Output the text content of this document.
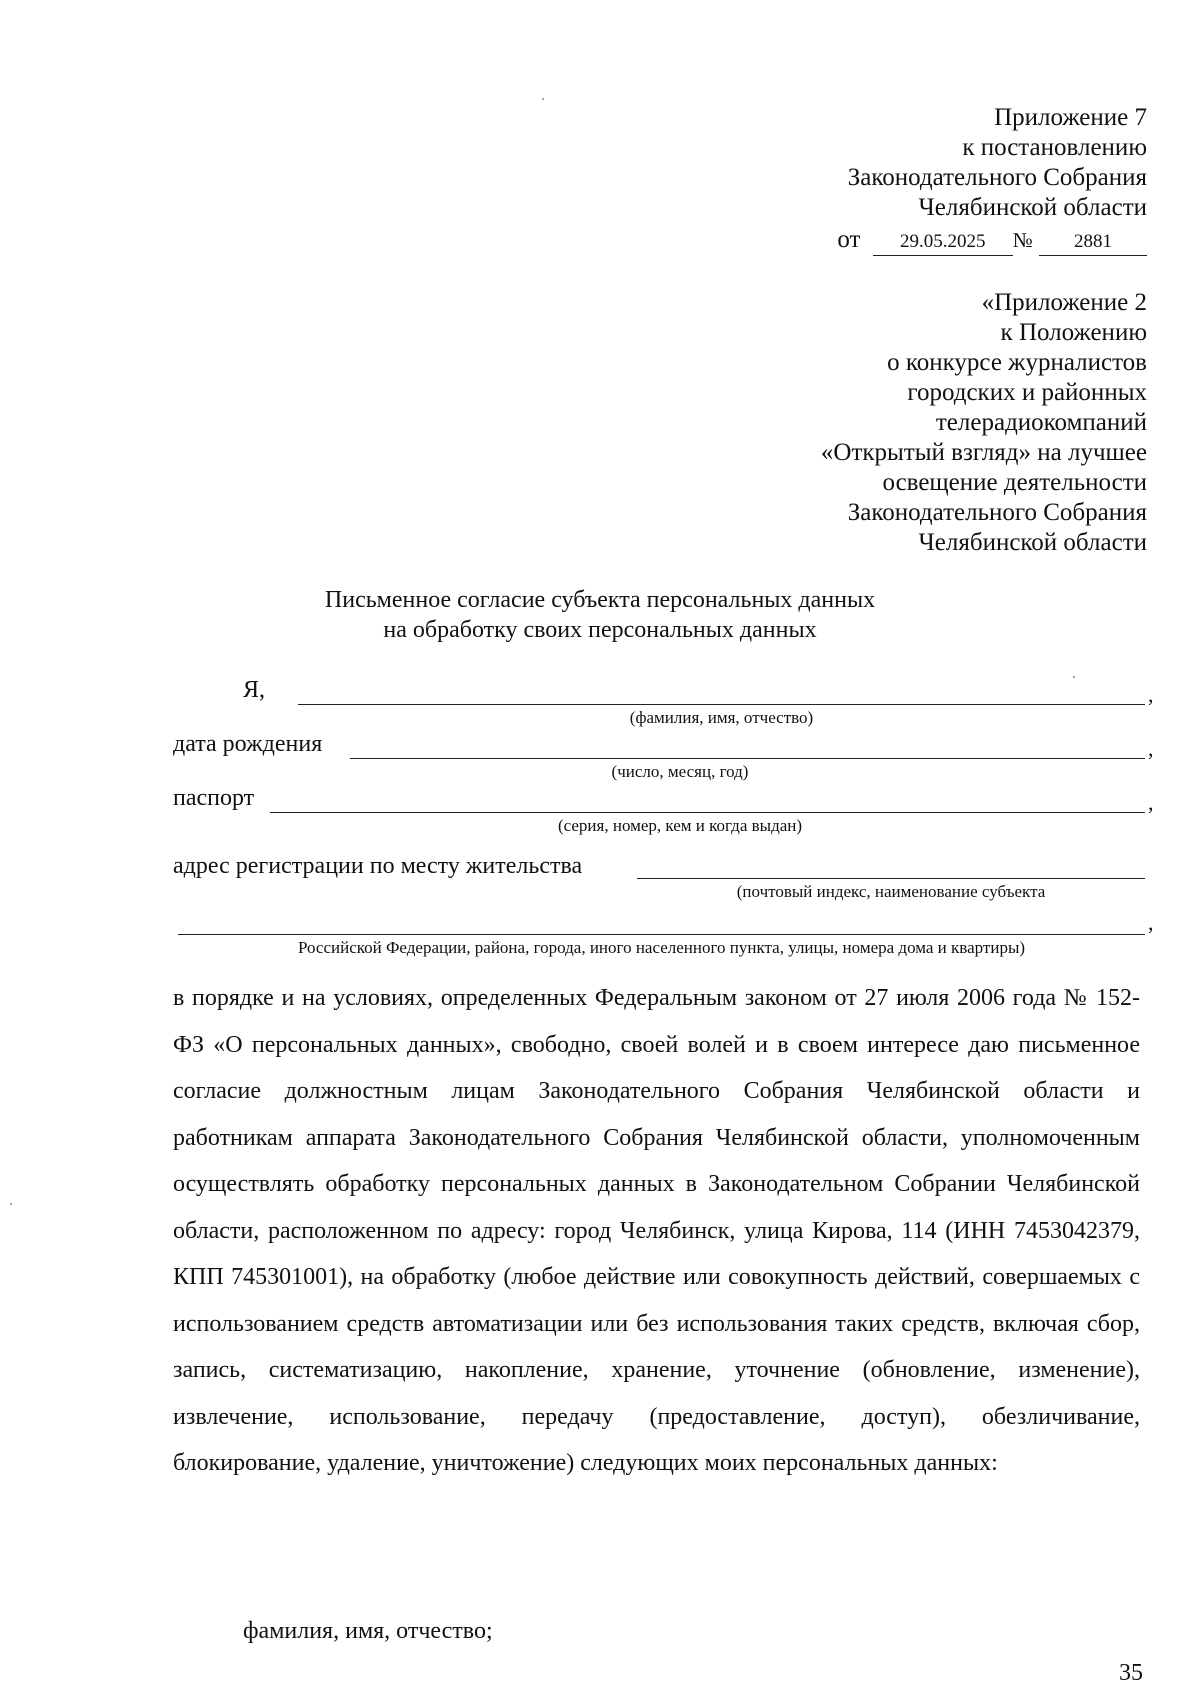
Приложение 7
к постановлению
Законодательного Собрания
Челябинской области
от 29.05.2025 № 2881
«Приложение 2
к Положению
о конкурсе журналистов
городских и районных
телерадиокомпаний
«Открытый взгляд» на лучшее
освещение деятельности
Законодательного Собрания
Челябинской области
Письменное согласие субъекта персональных данных
на обработку своих персональных данных
Я,	,
(фамилия, имя, отчество)
дата рождения	,
(число, месяц, год)
паспорт	,
(серия, номер, кем и когда выдан)
адрес регистрации по месту жительства
(почтовый индекс, наименование субъекта
,
Российской Федерации, района, города, иного населенного пункта, улицы, номера дома и квартиры)
в порядке и на условиях, определенных Федеральным законом от 27 июля 2006 года № 152-ФЗ «О персональных данных», свободно, своей волей и в своем интересе даю письменное согласие должностным лицам Законодательного Собрания Челябинской области и работникам аппарата Законодательного Собрания Челябинской области, уполномоченным осуществлять обработку персональных данных в Законодательном Собрании Челябинской области, расположенном по адресу: город Челябинск, улица Кирова, 114 (ИНН 7453042379, КПП 745301001), на обработку (любое действие или совокупность действий, совершаемых с использованием средств автоматизации или без использования таких средств, включая сбор, запись, систематизацию, накопление, хранение, уточнение (обновление, изменение), извлечение, использование, передачу (предоставление, доступ), обезличивание, блокирование, удаление, уничтожение) следующих моих персональных данных:
фамилия, имя, отчество;
35
